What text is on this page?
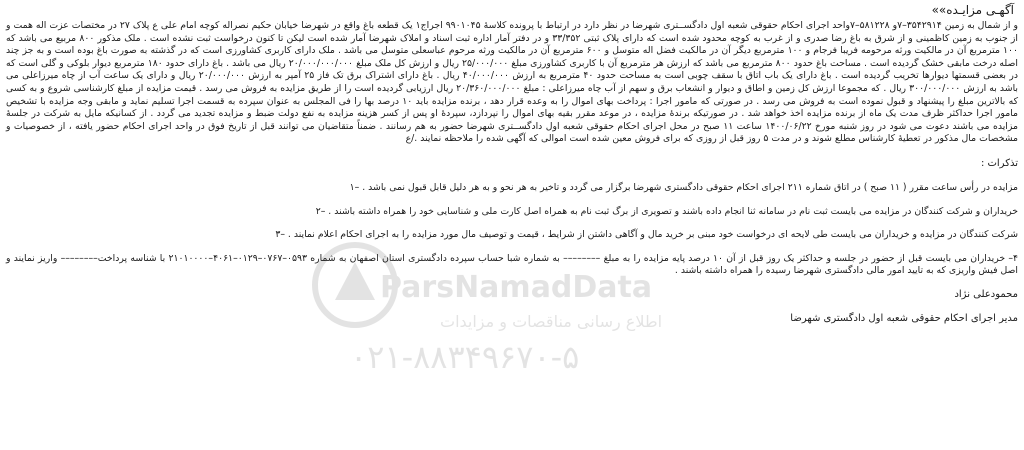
آگهـی مزایـده»»
و از شمال به زمین ۳۵۴۲۹۱۴–۷و ۵۸۱۲۲۸–۷واحد اجرای احکام حقوقی شعبه اول دادگســتری شهرضا در نظر دارد در ارتباط با پرونده کلاسهٔ ۹۹۰۱۰۴۵ اجراج۱ یک قطعه باغ واقع در شهرضا خیابان حکیم نصراله کوچه امام علی ع پلاک ۲۷ در مختصات عزت اله همت و از جنوب به زمین کاظمینی و از شرق به باغ رضا صدری و از غرب به کوچه محدود شده است که دارای پلاک ثبتی ۳۳/۳۵۲ و در دفتر آمار اداره ثبت اسناد و املاک شهرضا آمار شده است لیکن تا کنون درخواست ثبت نشده است . ملک مذکور ۸۰۰ مربیع می باشد که ۱۰۰ مترمربع آن در مالکیت ورثه مرحومه فریبا فرجام و ۱۰۰ مترمربع دیگر آن در مالکیت فضل اله متوسل و ۶۰۰ مترمربع آن در مالکیت ورثه مرحوم عباسعلی متوسل می باشد . ملک دارای کاربری کشاورزی است که در گذشته به صورت باغ بوده است و به جز چند اصله درخت مابقی خشک گردیده است . مساحت باغ حدود ۸۰۰ مترمربع می باشد که ارزش هر مترمربع آن با کاربری کشاورزی مبلغ ۲۵/۰۰۰/۰۰۰ ریال و ارزش کل ملک مبلغ ۲۰/۰۰۰/۰۰۰/۰۰۰ ریال می باشد . باغ دارای حدود ۱۸۰ مترمربع دیوار بلوکی و گلی است که در بعضی قسمتها دیوارها تخریب گردیده است . باغ دارای یک باب اتاق با سقف چوبی است به مساحت حدود ۴۰ مترمربع به ارزش ۴۰/۰۰۰/۰۰۰ ریال . باغ دارای اشتراک برق تک فاز ۲۵ آمپر به ارزش ۲۰/۰۰۰/۰۰۰ ریال و دارای یک ساعت آب از چاه میرزاعلی می باشد به ارزش ۳۰۰/۰۰۰/۰۰۰ ریال . که مجموعا ارزش کل زمین و اطاق و دیوار و انشعاب برق و سهم از آب چاه میرزاعلی : مبلغ ۲۰/۳۶۰/۰۰۰/۰۰۰ ریال ارزیابی گردیده است را از طریق مزایده به فروش می رسد . قیمت مزایده از مبلغ کارشناسی شروع و به کسی که بالاترین مبلغ را پیشنهاد و قبول نموده است به فروش می رسد . در صورتی که مامور اجرا : پرداخت بهای اموال را به وعده قرار دهد ، برنده مزایده باید ۱۰ درصد بها را فی المجلس به عنوان سپرده به قسمت اجرا تسلیم نماید و مابقی وجه مزایده با تشخیص مامور اجرا حداکثر ظرف مدت یک ماه از برنده مزایده اخذ خواهد شد . در صورتیکه برندهٔ مزایده ، در موعد مقرر بقیه بهای اموال را نپردازد، سپردهٔ او پس از کسر هزینه مزایده به نفع دولت ضبط و مزایده تجدید می گردد . از کسانیکه مایل به شرکت در جلسهٔ مزایده می باشند دعوت می شود در روز شنبه مورخ ۱۴۰۰/۰۶/۲۲ ساعت ۱۱ صبح در محل اجرای احکام حقوقی شعبه اول دادگســتری شهرضا حضور به هم رسانند . ضمناً متقاضیان می توانند قبل از تاریخ فوق در واحد اجرای احکام حضور یافته ، از خصوصیات و مشخصات مال مذکور در تعطیهٔ کارشناس مطلع شوند و در مدت ۵ روز قبل از روزی که برای فروش معین شده است اموالی که آگهی شده را ملاحظه نمایند ./ع
تذکرات :
مزایده در رأس ساعت مقرر ( ۱۱ صبح ) در اتاق شماره ۲۱۱ اجرای احکام حقوقی دادگستری شهرضا برگزار می گردد و تاخیر به هر نحو و به هر دلیل قابل قبول نمی باشد . –۱
خریداران و شرکت کنندگان در مزایده می بایست ثبت نام در سامانه ثنا انجام داده باشند و تصویری از برگ ثبت نام به همراه اصل کارت ملی و شناسایی خود را همراه داشته باشند . –۲
شرکت کنندگان در مزایده و خریداران می بایست طی لایحه ای درخواست خود مبنی بر خرید مال و آگاهی داشتن از شرایط ، قیمت و توصیف مال مورد مزایده را به اجرای احکام اعلام نمایند . –۳
۴– خریداران می بایست قبل از حضور در جلسه و حداکثر یک روز قبل از آن ۱۰ درصد پایه مزایده را به مبلغ –––––––– به شماره شبا حساب سپرده دادگستری استان اصفهان به شماره ۰۵۹۳–۰۷۶۷–۰۱۲۹–۴۰۶۱–۲۱۰۱۰۰۰۰ با شناسه پرداخت–––––––– واریز نمایند و اصل فیش واریزی که به تایید امور مالی دادگستری شهرضا رسیده را همراه داشته باشند .
محمودعلی نژاد
مدیر اجرای احکام حقوقی شعبه اول دادگستری شهرضا
ParsNamadData
اطلاع رسانی مناقصات و مزایدات
۰۲۱-۸۸۳۴۹۶۷۰-۵
